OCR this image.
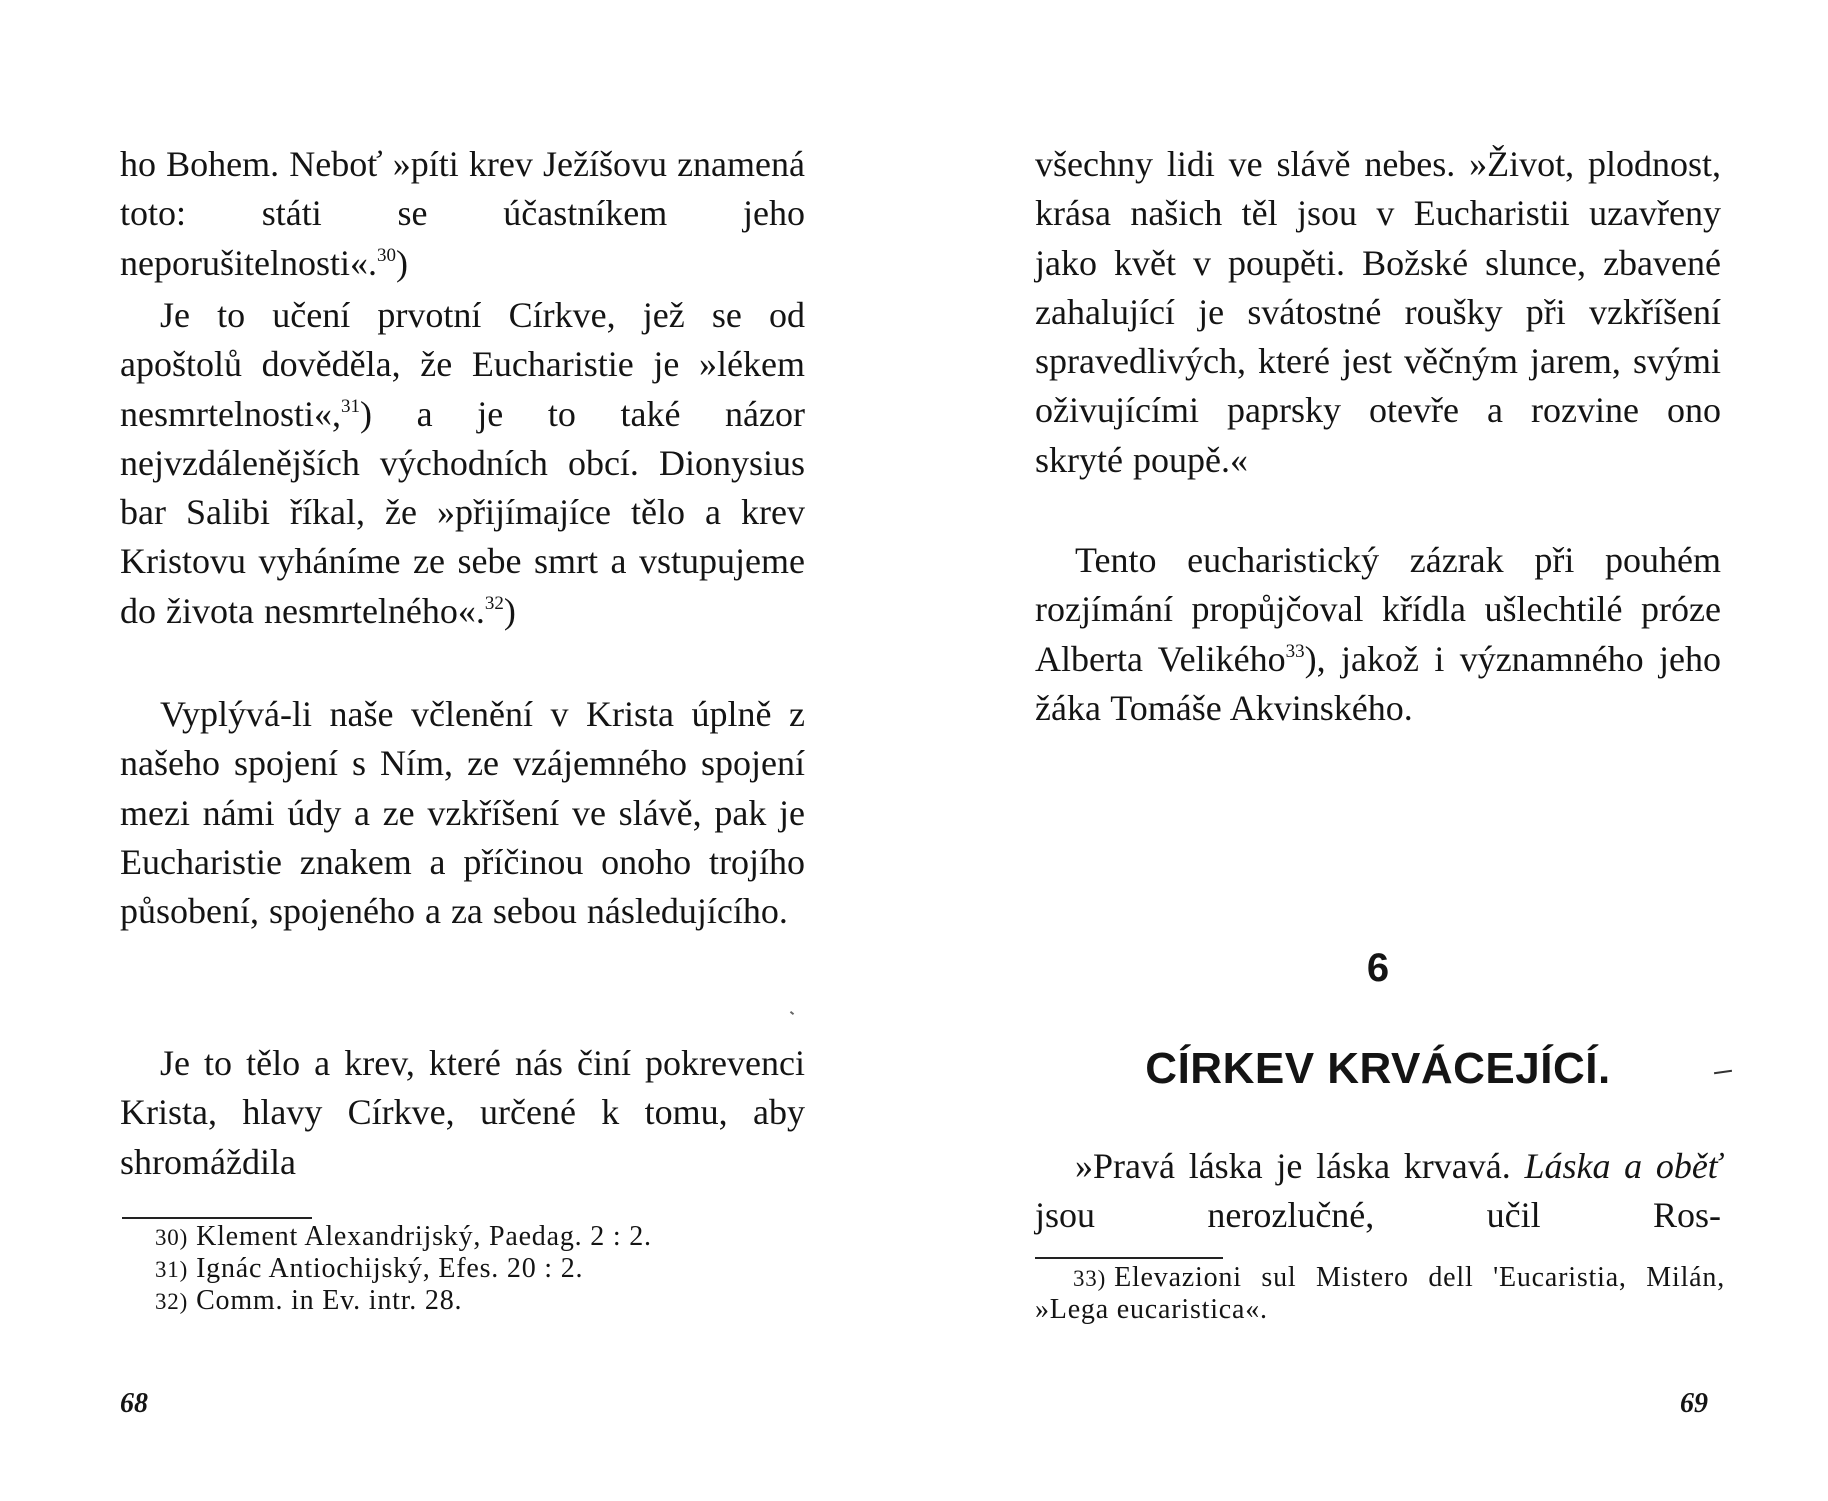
ho Bohem. Neboť »píti krev Ježíšovu znamená toto: státi se účastníkem jeho neporušitelnosti«.$^{30}$)

Je to učení prvotní Církve, jež se od apoštolů dověděla, že Eucharistie je »lékem nesmrtelnosti«,$^{31}$) a je to také názor nejvzdálenějších východních obcí. Dionysius bar Salibi říkal, že »přijímajíce tělo a krev Kristovu vyháníme ze sebe smrt a vstupujeme do života nesmrtelného«.$^{32}$)

Vyplývá-li naše včlenění v Krista úplně z našeho spojení s Ním, ze vzájemného spojení mezi námi údy a ze vzkříšení ve slávě, pak je Eucharistie znakem a příčinou onoho trojího působení, spojeného a za sebou následujícího.

Je to tělo a krev, které nás činí pokrevenci Krista, hlavy Církve, určené k tomu, aby shromáždila

30) Klement Alexandrijský, Paedag. 2 : 2.
31) Ignác Antiochijský, Efes. 20 : 2.
32) Comm. in Ev. intr. 28.

68

všechny lidi ve slávě nebes. »Život, plodnost, krása našich těl jsou v Eucharistii uzavřeny jako květ v poupěti. Božské slunce, zbavené zahalující je svátostné roušky při vzkříšení spravedlivých, které jest věčným jarem, svými oživujícími paprsky otevře a rozvine ono skryté poupě.«

Tento eucharistický zázrak při pouhém rozjímání propůjčoval křídla ušlechtilé próze Alberta Velikého$^{33}$), jakož i významného jeho žáka Tomáše Akvinského.

6
CÍRKEV KRVÁCEJÍCÍ.

»Pravá láska je láska krvavá. Láska a oběť jsou nerozlučné, učil Ros-

33) Elevazioni sul Mistero dell 'Eucaristia, Milán, »Lega eucaristica«.

69
